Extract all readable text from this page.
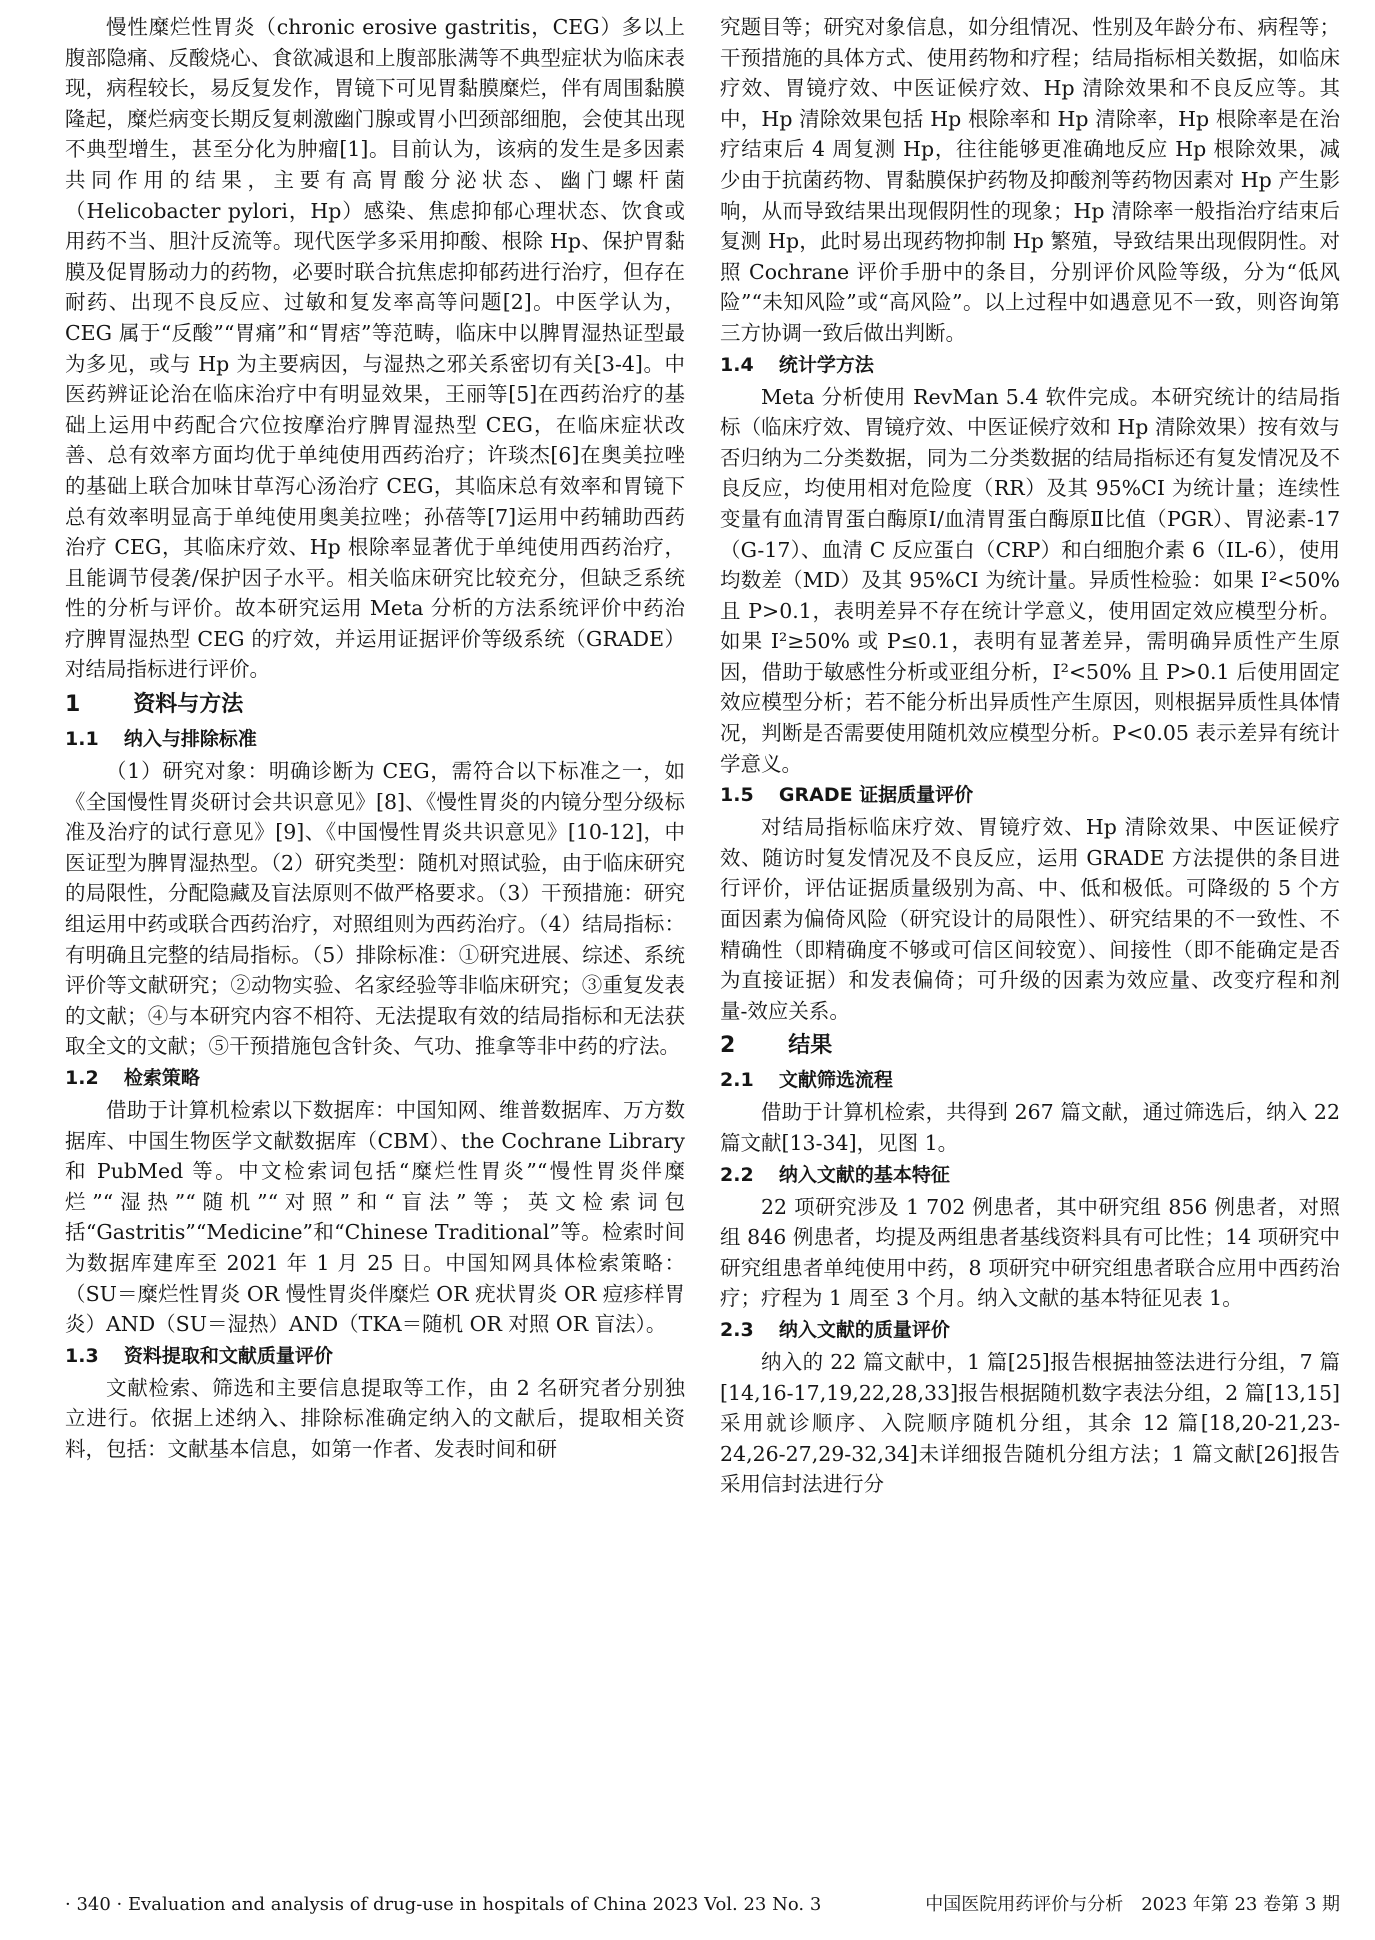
慢性糜烂性胃炎（chronic erosive gastritis，CEG）多以上腹部隐痛、反酸烧心、食欲减退和上腹部胀满等不典型症状为临床表现，病程较长，易反复发作，胃镜下可见胃黏膜糜烂，伴有周围黏膜隆起，糜烂病变长期反复刺激幽门腺或胃小凹颈部细胞，会使其出现不典型增生，甚至分化为肿瘤[1]。目前认为，该病的发生是多因素共同作用的结果，主要有高胃酸分泌状态、幽门螺杆菌（Helicobacter pylori，Hp）感染、焦虑抑郁心理状态、饮食或用药不当、胆汁反流等。现代医学多采用抑酸、根除 Hp、保护胃黏膜及促胃肠动力的药物，必要时联合抗焦虑抑郁药进行治疗，但存在耐药、出现不良反应、过敏和复发率高等问题[2]。中医学认为，CEG 属于“反酸”“胃痛”和“胃痞”等范畴，临床中以脾胃湿热证型最为多见，或与 Hp 为主要病因，与湿热之邪关系密切有关[3-4]。中医药辨证论治在临床治疗中有明显效果，王丽等[5]在西药治疗的基础上运用中药配合穴位按摩治疗脾胃湿热型 CEG，在临床症状改善、总有效率方面均优于单纯使用西药治疗；许琰杰[6]在奥美拉唑的基础上联合加味甘草泻心汤治疗 CEG，其临床总有效率和胃镜下总有效率明显高于单纯使用奥美拉唑；孙蓓等[7]运用中药辅助西药治疗 CEG，其临床疗效、Hp 根除率显著优于单纯使用西药治疗，且能调节侵袭/保护因子水平。相关临床研究比较充分，但缺乏系统性的分析与评价。故本研究运用 Meta 分析的方法系统评价中药治疗脾胃湿热型 CEG 的疗效，并运用证据评价等级系统（GRADE）对结局指标进行评价。

1 资料与方法
1.1 纳入与排除标准

（1）研究对象：明确诊断为 CEG，需符合以下标准之一，如《全国慢性胃炎研讨会共识意见》[8]、《慢性胃炎的内镜分型分级标准及治疗的试行意见》[9]、《中国慢性胃炎共识意见》[10-12]，中医证型为脾胃湿热型。（2）研究类型：随机对照试验，由于临床研究的局限性，分配隐藏及盲法原则不做严格要求。（3）干预措施：研究组运用中药或联合西药治疗，对照组则为西药治疗。（4）结局指标：有明确且完整的结局指标。（5）排除标准：①研究进展、综述、系统评价等文献研究；②动物实验、名家经验等非临床研究；③重复发表的文献；④与本研究内容不相符、无法提取有效的结局指标和无法获取全文的文献；⑤干预措施包含针灸、气功、推拿等非中药的疗法。

1.2 检索策略

借助于计算机检索以下数据库：中国知网、维普数据库、万方数据库、中国生物医学文献数据库（CBM）、the Cochrane Library 和 PubMed 等。中文检索词包括“糜烂性胃炎”“慢性胃炎伴糜烂”“湿热”“随机”“对照”和“盲法”等；英文检索词包括“Gastritis”“Medicine”和“Chinese Traditional”等。检索时间为数据库建库至 2021 年 1 月 25 日。中国知网具体检索策略：（SU＝糜烂性胃炎 OR 慢性胃炎伴糜烂 OR 疣状胃炎 OR 痘疹样胃炎）AND（SU＝湿热）AND（TKA＝随机 OR 对照 OR 盲法）。

1.3 资料提取和文献质量评价

文献检索、筛选和主要信息提取等工作，由 2 名研究者分别独立进行。依据上述纳入、排除标准确定纳入的文献后，提取相关资料，包括：文献基本信息，如第一作者、发表时间和研

究题目等；研究对象信息，如分组情况、性别及年龄分布、病程等；干预措施的具体方式、使用药物和疗程；结局指标相关数据，如临床疗效、胃镜疗效、中医证候疗效、Hp 清除效果和不良反应等。其中，Hp 清除效果包括 Hp 根除率和 Hp 清除率，Hp 根除率是在治疗结束后 4 周复测 Hp，往往能够更准确地反应 Hp 根除效果，减少由于抗菌药物、胃黏膜保护药物及抑酸剂等药物因素对 Hp 产生影响，从而导致结果出现假阴性的现象；Hp 清除率一般指治疗结束后复测 Hp，此时易出现药物抑制 Hp 繁殖，导致结果出现假阴性。对照 Cochrane 评价手册中的条目，分别评价风险等级，分为“低风险”“未知风险”或“高风险”。以上过程中如遇意见不一致，则咨询第三方协调一致后做出判断。

1.4 统计学方法

Meta 分析使用 RevMan 5.4 软件完成。本研究统计的结局指标（临床疗效、胃镜疗效、中医证候疗效和 Hp 清除效果）按有效与否归纳为二分类数据，同为二分类数据的结局指标还有复发情况及不良反应，均使用相对危险度（RR）及其 95%CI 为统计量；连续性变量有血清胃蛋白酶原Ⅰ/血清胃蛋白酶原Ⅱ比值（PGR）、胃泌素-17（G-17）、血清 C 反应蛋白（CRP）和白细胞介素 6（IL-6），使用均数差（MD）及其 95%CI 为统计量。异质性检验：如果 I²<50% 且 P>0.1，表明差异不存在统计学意义，使用固定效应模型分析。如果 I²≥50% 或 P≤0.1，表明有显著差异，需明确异质性产生原因，借助于敏感性分析或亚组分析，I²<50% 且 P>0.1 后使用固定效应模型分析；若不能分析出异质性产生原因，则根据异质性具体情况，判断是否需要使用随机效应模型分析。P<0.05 表示差异有统计学意义。

1.5 GRADE 证据质量评价

对结局指标临床疗效、胃镜疗效、Hp 清除效果、中医证候疗效、随访时复发情况及不良反应，运用 GRADE 方法提供的条目进行评价，评估证据质量级别为高、中、低和极低。可降级的 5 个方面因素为偏倚风险（研究设计的局限性）、研究结果的不一致性、不精确性（即精确度不够或可信区间较宽）、间接性（即不能确定是否为直接证据）和发表偏倚；可升级的因素为效应量、改变疗程和剂量-效应关系。

2 结果
2.1 文献筛选流程

借助于计算机检索，共得到 267 篇文献，通过筛选后，纳入 22 篇文献[13-34]，见图 1。

2.2 纳入文献的基本特征

22 项研究涉及 1 702 例患者，其中研究组 856 例患者，对照组 846 例患者，均提及两组患者基线资料具有可比性；14 项研究中研究组患者单纯使用中药，8 项研究中研究组患者联合应用中西药治疗；疗程为 1 周至 3 个月。纳入文献的基本特征见表 1。

2.3 纳入文献的质量评价

纳入的 22 篇文献中，1 篇[25]报告根据抽签法进行分组，7 篇[14,16-17,19,22,28,33]报告根据随机数字表法分组，2 篇[13,15]采用就诊顺序、入院顺序随机分组，其余 12 篇[18,20-21,23-24,26-27,29-32,34]未详细报告随机分组方法；1 篇文献[26]报告采用信封法进行分

· 340 · Evaluation and analysis of drug-use in hospitals of China 2023 Vol. 23 No. 3	中国医院用药评价与分析　2023 年第 23 卷第 3 期
